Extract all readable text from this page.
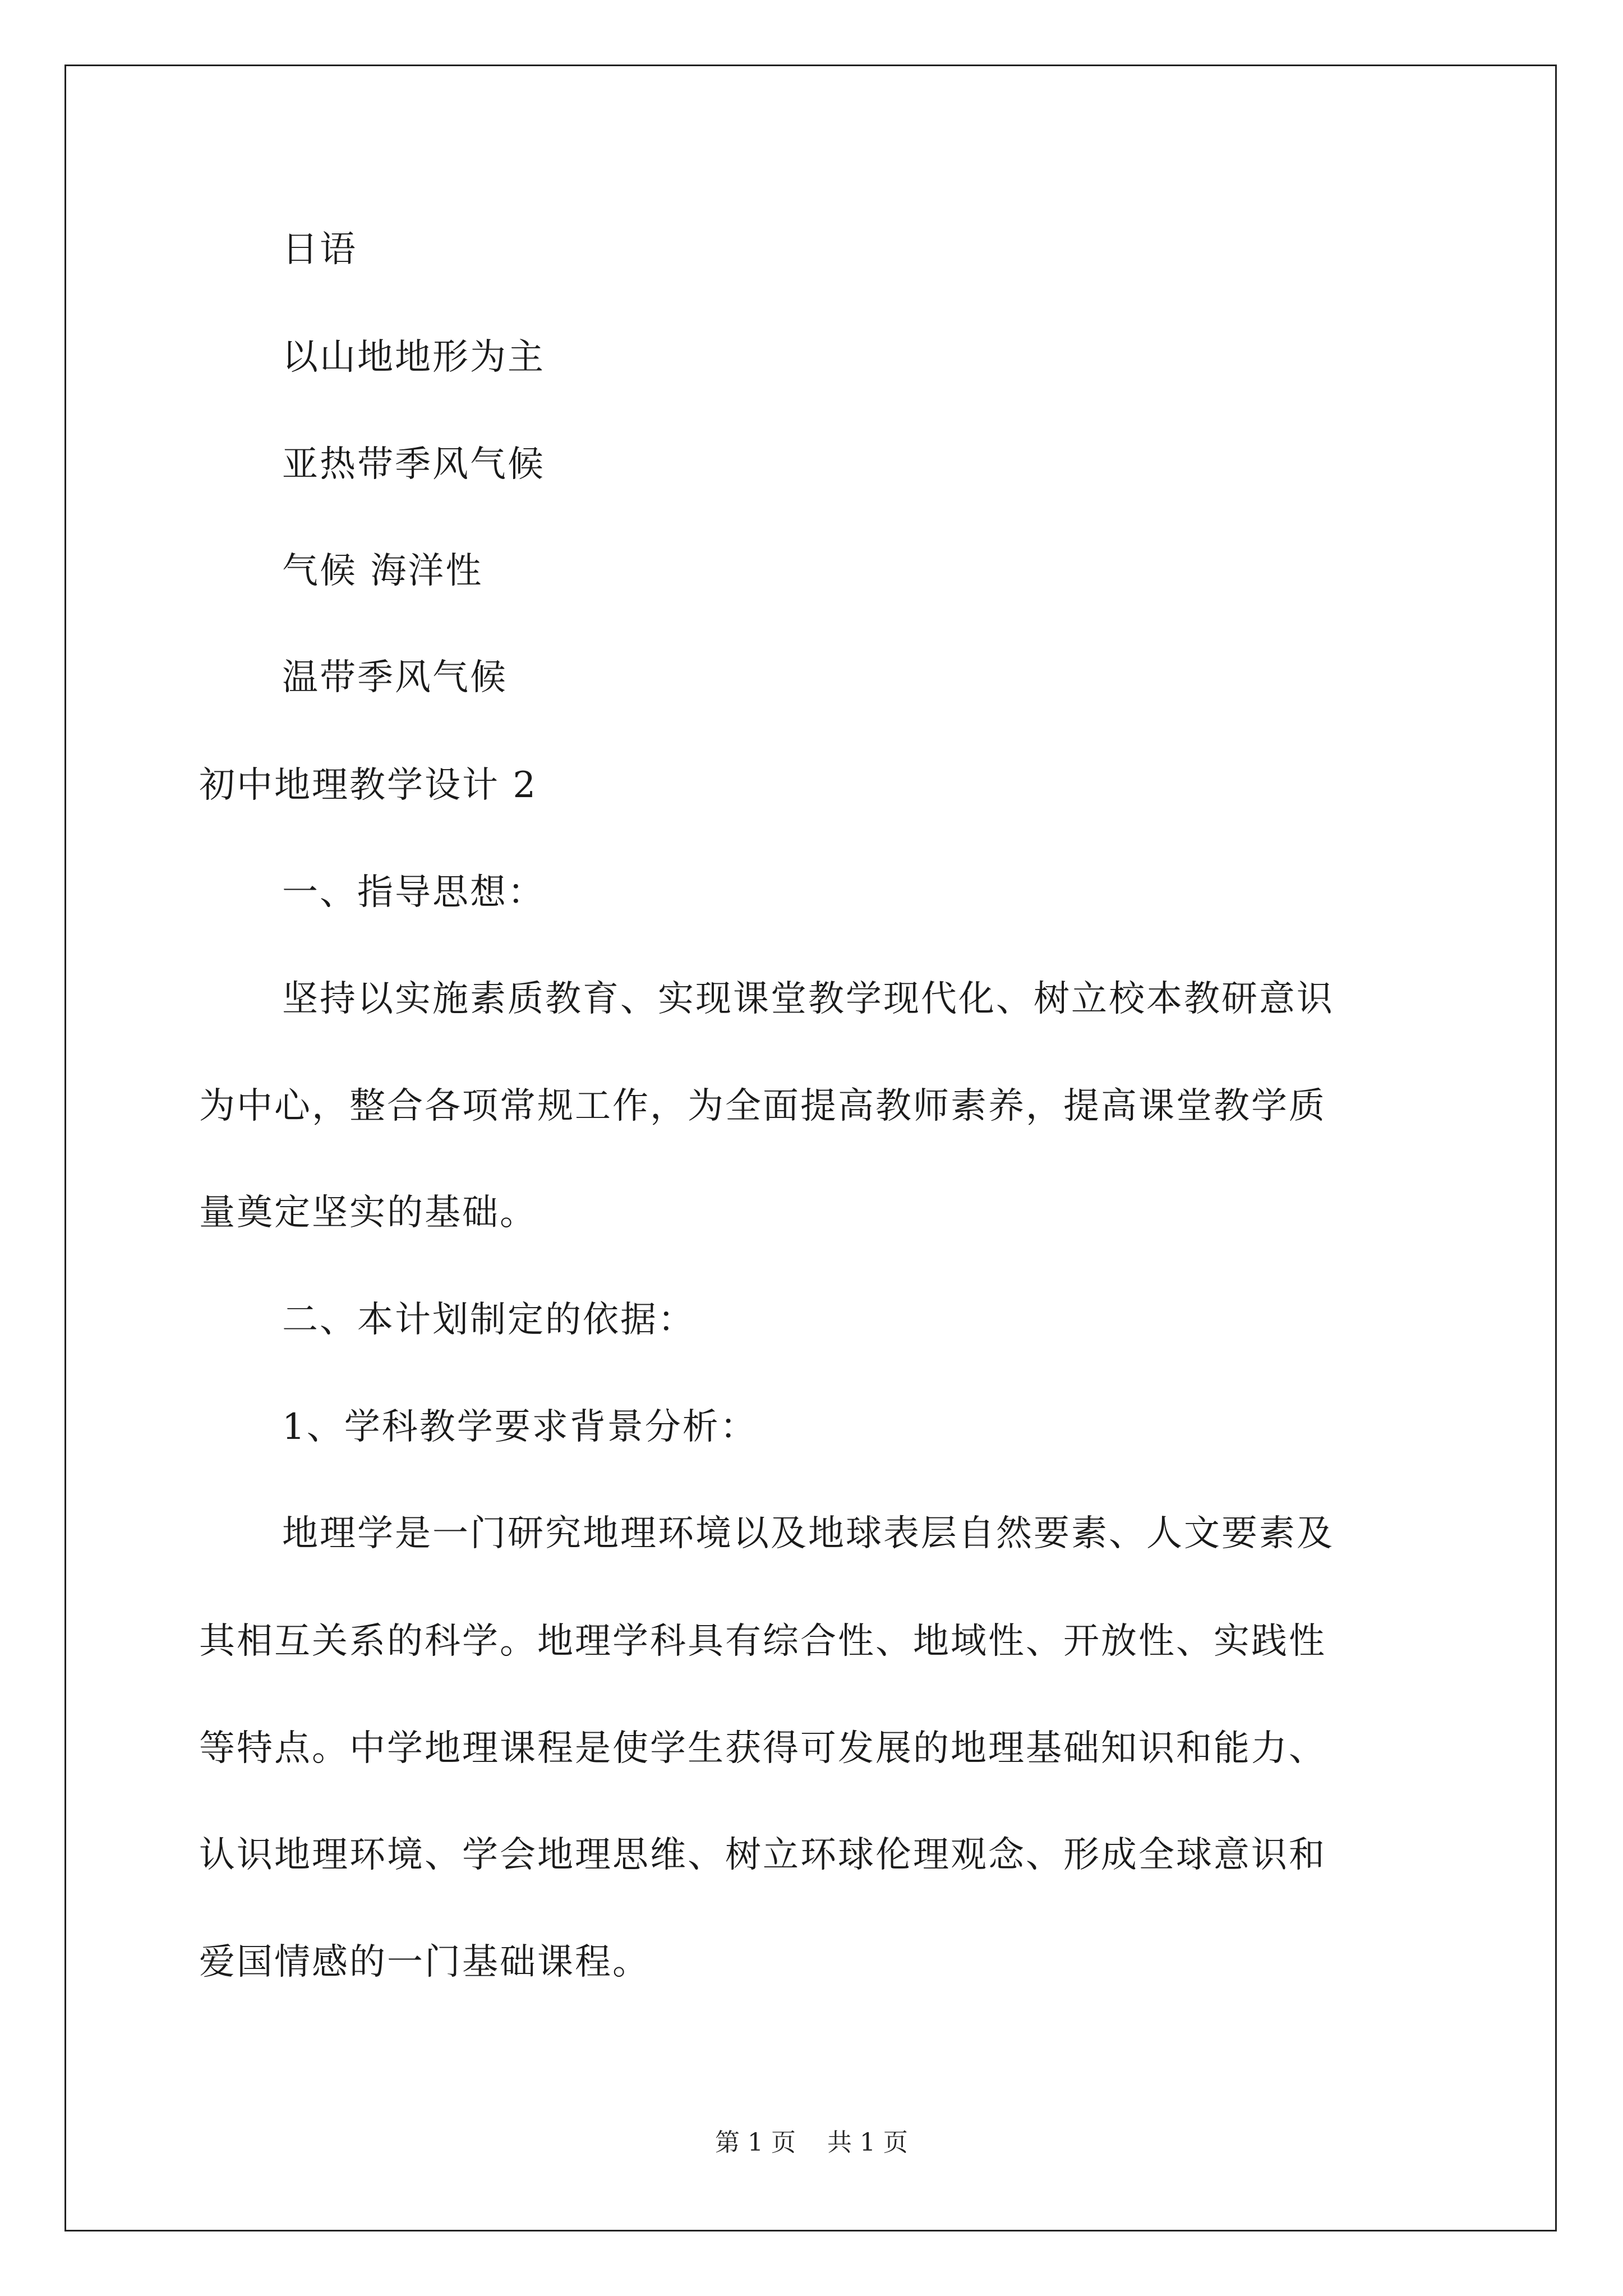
日语
以山地地形为主
亚热带季风气候
气候 海洋性
温带季风气候
初中地理教学设计 2
一、指导思想：
坚持以实施素质教育、实现课堂教学现代化、树立校本教研意识
为中心，整合各项常规工作，为全面提高教师素养，提高课堂教学质
量奠定坚实的基础。
二、本计划制定的依据：
1、学科教学要求背景分析：
地理学是一门研究地理环境以及地球表层自然要素、人文要素及
其相互关系的科学。地理学科具有综合性、地域性、开放性、实践性
等特点。中学地理课程是使学生获得可发展的地理基础知识和能力、
认识地理环境、学会地理思维、树立环球伦理观念、形成全球意识和
爱国情感的一门基础课程。
第 1 页    共 1 页
